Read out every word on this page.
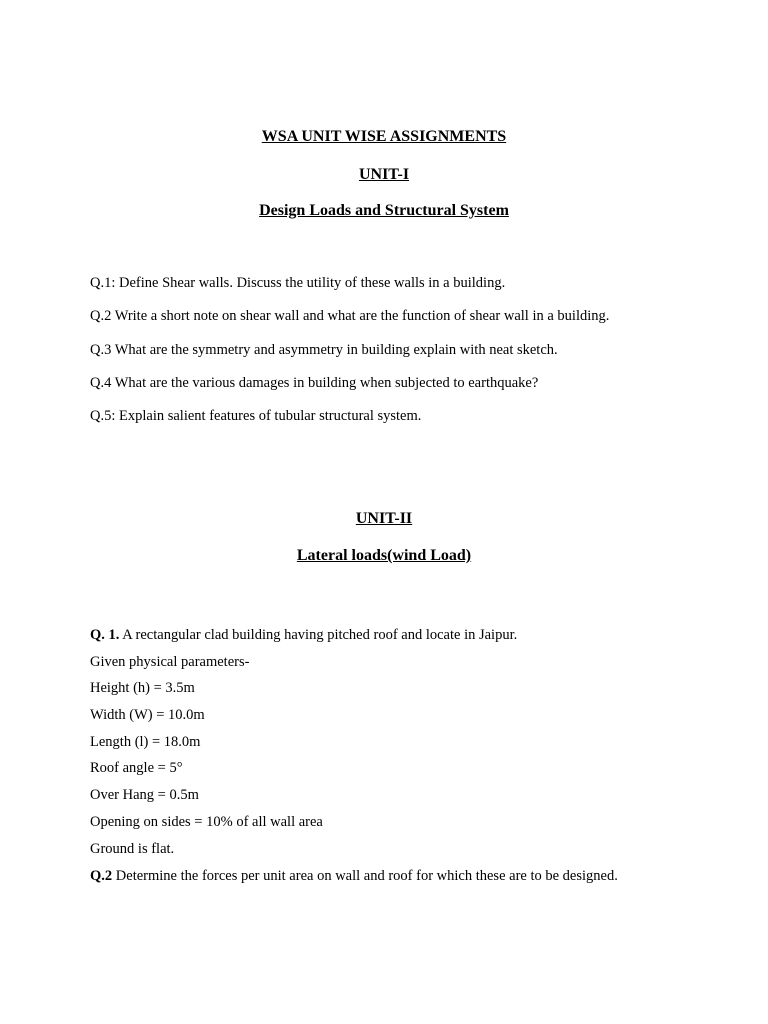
WSA UNIT WISE ASSIGNMENTS

UNIT-I

Design Loads and Structural System

Q.1: Define Shear walls. Discuss the utility of these walls in a building.

Q.2 Write a short note on shear wall and what are the function of shear wall in a building.

Q.3 What are the symmetry and asymmetry in building explain with neat sketch.

Q.4 What are the various damages in building when subjected to earthquake?

Q.5: Explain salient features of tubular structural system.

UNIT-II

Lateral loads(wind Load)

Q. 1. A rectangular clad building having pitched roof and locate in Jaipur.

Given physical parameters-

Height (h) = 3.5m

Width (W) = 10.0m

Length (l) = 18.0m

Roof angle = 5°

Over Hang = 0.5m

Opening on sides = 10% of all wall area

Ground is flat.

Q.2 Determine the forces per unit area on wall and roof for which these are to be designed.
